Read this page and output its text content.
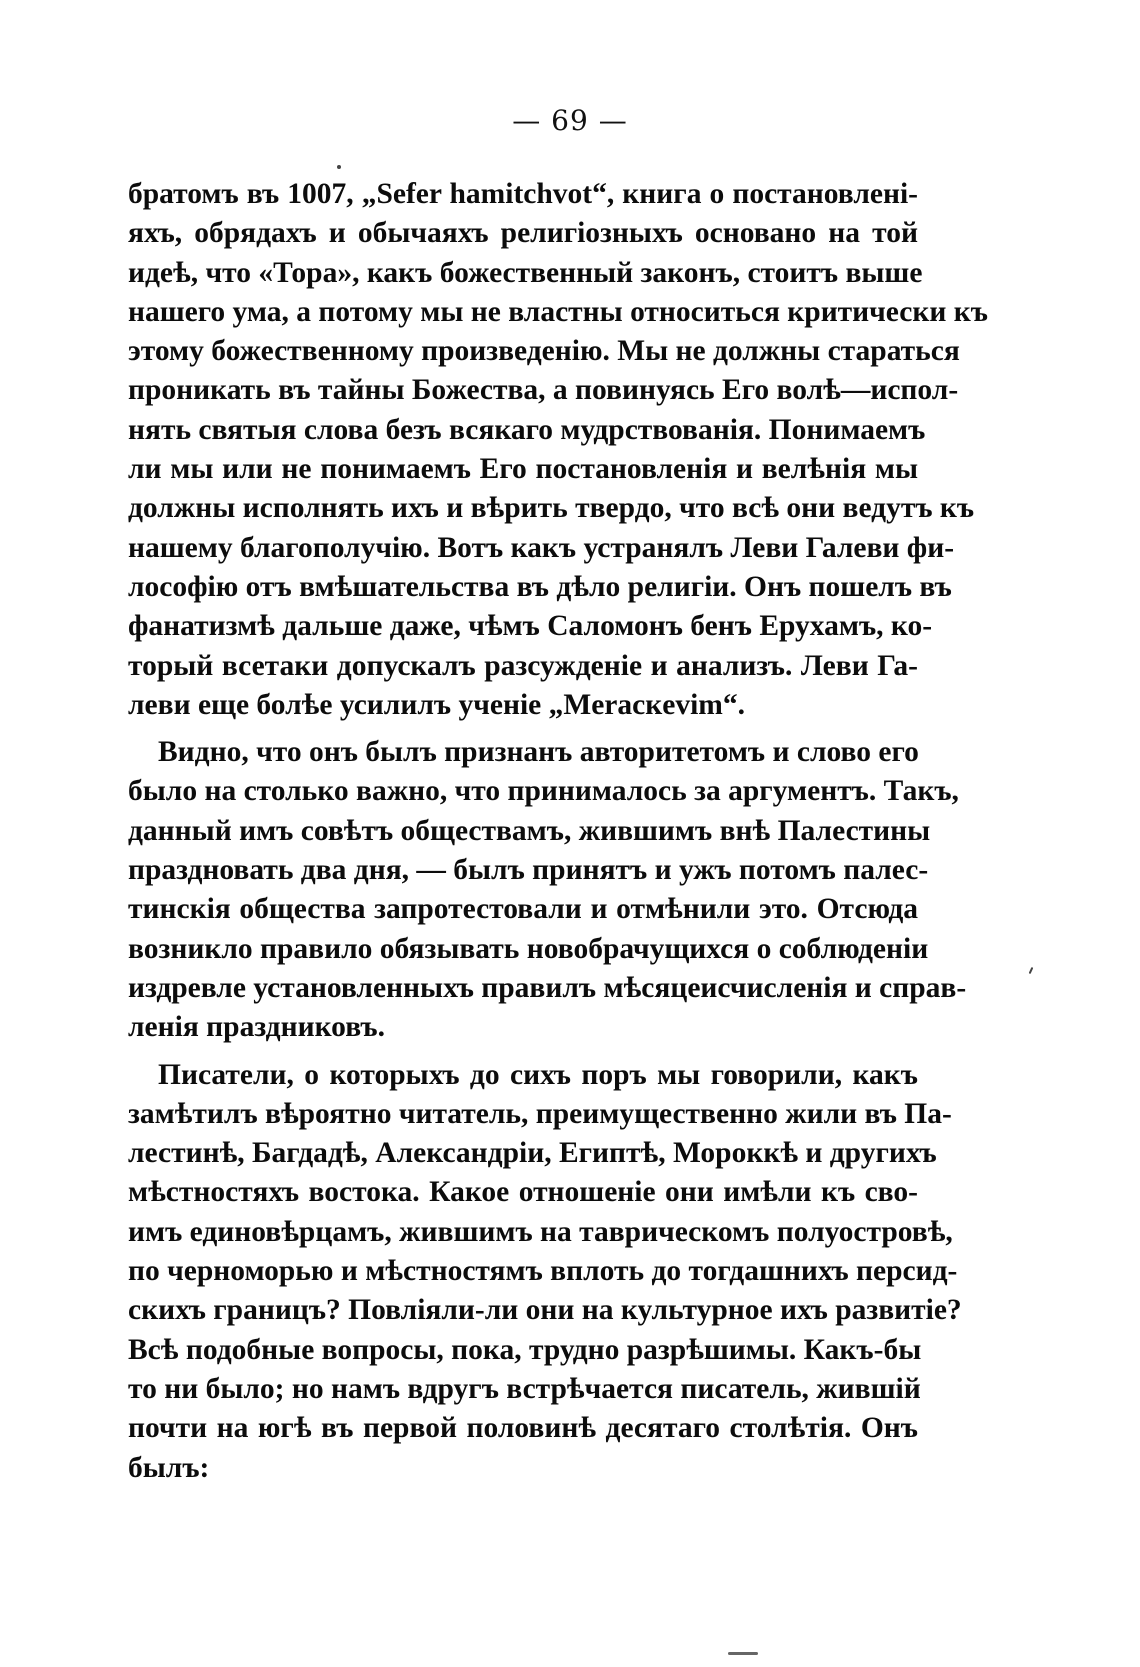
— 69 —
братомъ въ 1007, „Sefer hamitchvot“, книга о постановлені-
яхъ, обрядахъ и обычаяхъ религіозныхъ основано на той
идеѣ, что «Тора», какъ божественный законъ, стоитъ выше
нашего ума, а потому мы не властны относиться критически къ
этому божественному произведенію. Мы не должны стараться
проникать въ тайны Божества, а повинуясь Его волѣ—испол-
нять святыя слова безъ всякаго мудрствованія. Понимаемъ
ли мы или не понимаемъ Его постановленія и велѣнія мы
должны исполнять ихъ и вѣрить твердо, что всѣ они ведутъ къ
нашему благополучію. Вотъ какъ устранялъ Леви Галеви фи-
лософію отъ вмѣшательства въ дѣло религіи. Онъ пошелъ въ
фанатизмѣ дальше даже, чѣмъ Саломонъ бенъ Ерухамъ, ко-
торый всетаки допускалъ разсужденіе и анализъ. Леви Га-
леви еще болѣе усилилъ ученіе „Meracкevim“.
Видно, что онъ былъ признанъ авторитетомъ и слово его
было на столько важно, что принималось за аргументъ. Такъ,
данный имъ совѣтъ обществамъ, жившимъ внѣ Палестины
праздновать два дня, — былъ принятъ и ужъ потомъ палес-
тинскія общества запротестовали и отмѣнили это. Отсюда
возникло правило обязывать новобрачущихся о соблюденіи
издревле установленныхъ правилъ мѣсяцеисчисленія и справ-
ленія праздниковъ.
Писатели, о которыхъ до сихъ поръ мы говорили, какъ
замѣтилъ вѣроятно читатель, преимущественно жили въ Па-
лестинѣ, Багдадѣ, Александріи, Египтѣ, Мороккѣ и другихъ
мѣстностяхъ востока. Какое отношеніе они имѣли къ сво-
имъ единовѣрцамъ, жившимъ на таврическомъ полуостровѣ,
по черноморью и мѣстностямъ вплоть до тогдашнихъ персид-
скихъ границъ? Повліяли-ли они на культурное ихъ развитіе?
Всѣ подобные вопросы, пока, трудно разрѣшимы. Какъ-бы
то ни было; но намъ вдругъ встрѣчается писатель, жившій
почти на югѣ въ первой половинѣ десятаго столѣтія. Онъ
былъ:
